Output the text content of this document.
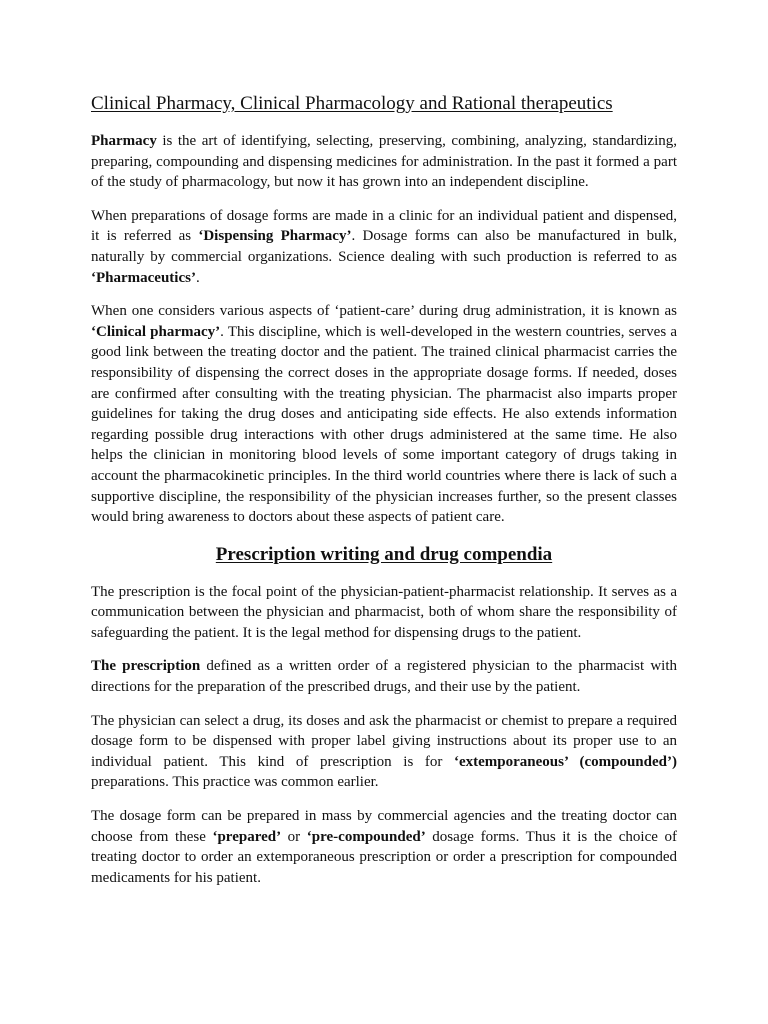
Clinical Pharmacy, Clinical Pharmacology and Rational therapeutics

Pharmacy is the art of identifying, selecting, preserving, combining, analyzing, standardizing, preparing, compounding and dispensing medicines for administration. In the past it formed a part of the study of pharmacology, but now it has grown into an independent discipline.

When preparations of dosage forms are made in a clinic for an individual patient and dispensed, it is referred as ‘Dispensing Pharmacy’. Dosage forms can also be manufactured in bulk, naturally by commercial organizations. Science dealing with such production is referred to as ‘Pharmaceutics’.

When one considers various aspects of ‘patient-care’ during drug administration, it is known as ‘Clinical pharmacy’. This discipline, which is well-developed in the western countries, serves a good link between the treating doctor and the patient. The trained clinical pharmacist carries the responsibility of dispensing the correct doses in the appropriate dosage forms. If needed, doses are confirmed after consulting with the treating physician. The pharmacist also imparts proper guidelines for taking the drug doses and anticipating side effects. He also extends information regarding possible drug interactions with other drugs administered at the same time. He also helps the clinician in monitoring blood levels of some important category of drugs taking in account the pharmacokinetic principles. In the third world countries where there is lack of such a supportive discipline, the responsibility of the physician increases further, so the present classes would bring awareness to doctors about these aspects of patient care.

Prescription writing and drug compendia

The prescription is the focal point of the physician-patient-pharmacist relationship. It serves as a communication between the physician and pharmacist, both of whom share the responsibility of safeguarding the patient. It is the legal method for dispensing drugs to the patient.

The prescription defined as a written order of a registered physician to the pharmacist with directions for the preparation of the prescribed drugs, and their use by the patient.

The physician can select a drug, its doses and ask the pharmacist or chemist to prepare a required dosage form to be dispensed with proper label giving instructions about its proper use to an individual patient. This kind of prescription is for ‘extemporaneous’ (compounded’) preparations. This practice was common earlier.

The dosage form can be prepared in mass by commercial agencies and the treating doctor can choose from these ‘prepared’ or ‘pre-compounded’ dosage forms. Thus it is the choice of treating doctor to order an extemporaneous prescription or order a prescription for compounded medicaments for his patient.
